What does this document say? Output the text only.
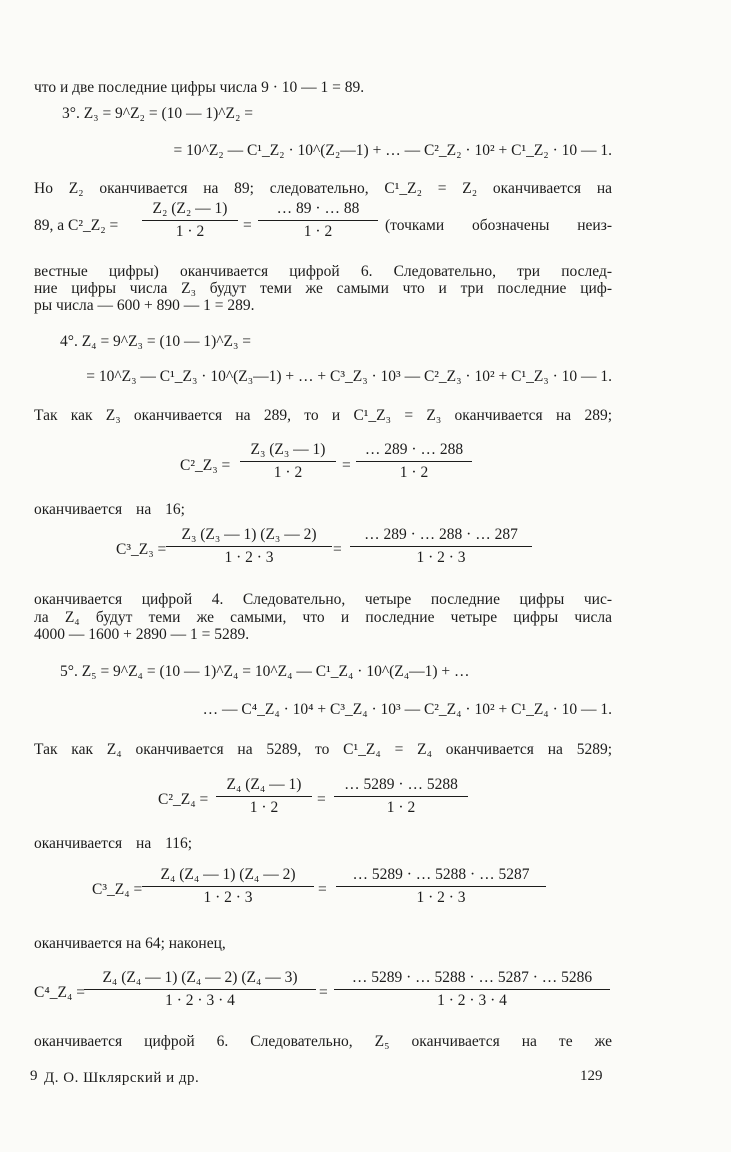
что и две последние цифры числа 9 · 10 — 1 = 89.
3°. Z₃ = 9^Z₂ = (10 — 1)^Z₂ =
= 10^Z₂ — C¹_Z₂ · 10^(Z₂—1) + … — C²_Z₂ · 10² + C¹_Z₂ · 10 — 1.
Но Z₂ оканчивается на 89; следовательно, C¹_Z₂ = Z₂ оканчивается на
89, а C²_Z₂ =
Z₂ (Z₂ — 1)
1 · 2	=
… 89 · … 88
1 · 2	(точками обозначены неиз-
вестные цифры) оканчивается цифрой 6. Следовательно, три послед-
ние цифры числа Z₃ будут теми же самыми что и три последние циф-
ры числа — 600 + 890 — 1 = 289.
4°. Z₄ = 9^Z₃ = (10 — 1)^Z₃ =
= 10^Z₃ — C¹_Z₃ · 10^(Z₃—1) + … + C³_Z₃ · 10³ — C²_Z₃ · 10² + C¹_Z₃ · 10 — 1.
Так как Z₃ оканчивается на 289, то и C¹_Z₃ = Z₃ оканчивается на 289;
C²_Z₃ =
Z₃ (Z₃ — 1)
1 · 2	=
… 289 · … 288
1 · 2
оканчивается на 16;
C³_Z₃ =
Z₃ (Z₃ — 1) (Z₃ — 2)
1 · 2 · 3	=
… 289 · … 288 · … 287
1 · 2 · 3
оканчивается цифрой 4. Следовательно, четыре последние цифры чис-
ла Z₄ будут теми же самыми, что и последние четыре цифры числа
4000 — 1600 + 2890 — 1 = 5289.
5°. Z₅ = 9^Z₄ = (10 — 1)^Z₄ = 10^Z₄ — C¹_Z₄ · 10^(Z₄—1) + …
… — C⁴_Z₄ · 10⁴ + C³_Z₄ · 10³ — C²_Z₄ · 10² + C¹_Z₄ · 10 — 1.
Так как Z₄ оканчивается на 5289, то C¹_Z₄ = Z₄ оканчивается на 5289;
C²_Z₄ =
Z₄ (Z₄ — 1)
1 · 2	=
… 5289 · … 5288
1 · 2
оканчивается на 116;
C³_Z₄ =
Z₄ (Z₄ — 1) (Z₄ — 2)
1 · 2 · 3	=
… 5289 · … 5288 · … 5287
1 · 2 · 3
оканчивается на 64; наконец,
C⁴_Z₄ =
Z₄ (Z₄ — 1) (Z₄ — 2) (Z₄ — 3)
1 · 2 · 3 · 4	=
… 5289 · … 5288 · … 5287 · … 5286
1 · 2 · 3 · 4
оканчивается цифрой 6. Следовательно, Z₅ оканчивается на те же
9 Д. О. Шклярский и др.	129
